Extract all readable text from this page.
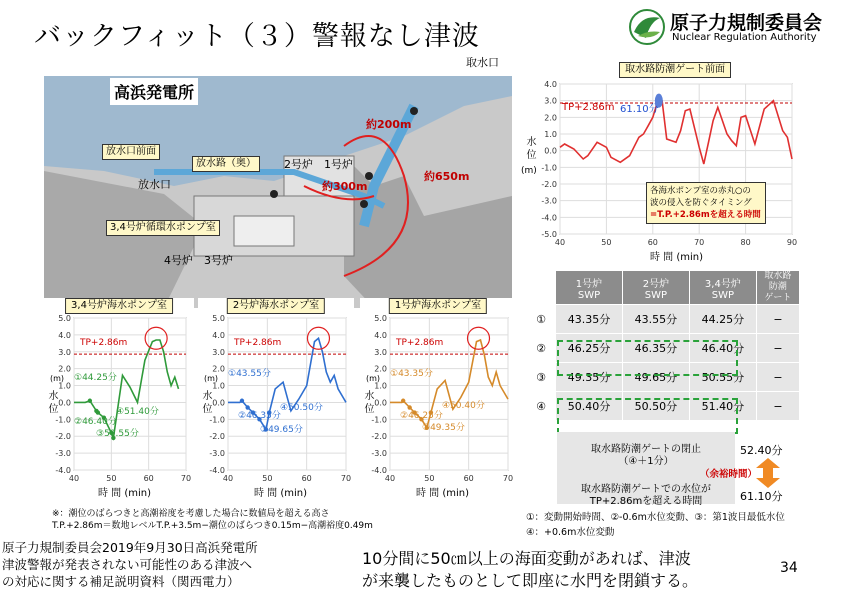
バックフィット（３）警報なし津波	原子力規制委員会
Nuclear Regulation Authority
取水口
放水口
放水口前面
放水路（奥）
3,4号炉循環水ポンプ室
2号炉 1号炉
4号炉 3号炉
約200m
約300m
約650m
高浜発電所
取水路防潮ゲート前面
4.0
3.0
2.0
1.0
0.0
-1.0
-2.0
-3.0
-4.0
-5.0
40	50	60	70	80	90
水 位
(m)
時 間 (min)
TP+2.86m 61.10分
各海水ポンプ室の赤丸○の
波の侵入を防ぐタイミング
=T.P.+2.86mを超える時間
3,4号炉海水ポンプ室
5.0
4.0
3.0
2.0
1.0
0.0
-1.0
-2.0
-3.0
-4.0
40	50	60	70
水 位
(m)
時 間 (min)
TP+2.86m
①44.25分
②46.40分
④51.40分
③50.55分
2号炉海水ポンプ室
5.0
4.0
3.0
2.0
1.0
0.0
-1.0
-2.0
-3.0
-4.0
40	50	60	70
水 位
(m)
時 間 (min)
TP+2.86m
①43.55分
②46.35分
④50.50分
③49.65分
1号炉海水ポンプ室
5.0
4.0
3.0
2.0
1.0
0.0
-1.0
-2.0
-3.0
-4.0
40	50	60	70
水 位
(m)
時 間 (min)
TP+2.86m
①43.35分
②46.25分
④50.40分
③49.35分
※：潮位のばらつきと高潮裕度を考慮した場合に数値局を超える高さ
T.P.+2.86m＝数地レベルT.P.+3.5m−潮位のばらつき0.15m−高潮裕度0.49m
	1号炉
SWP	2号炉
SWP	3,4号炉
SWP	取水路
防潮
ゲート
①	43.35分	43.55分	44.25分	−
②	46.25分	46.35分	46.40分	−
③	49.35分	49.65分	50.55分	−
④	50.40分	50.50分	51.40分	−
取水路防潮ゲートの閉止
（④＋1分）
取水路防潮ゲートでの水位が
TP+2.86mを超える時間
52.40分
（余裕時間）
61.10分
①：変動開始時間、②-0.6m水位変動、③：第1波目最低水位
④：+0.6m水位変動
原子力規制委員会2019年9月30日高浜発電所
津波警報が発表されない可能性のある津波へ
の対応に関する補足説明資料（関西電力）
10分間に50㎝以上の海面変動があれば、津波
が来襲したものとして即座に水門を閉鎖する。
34
